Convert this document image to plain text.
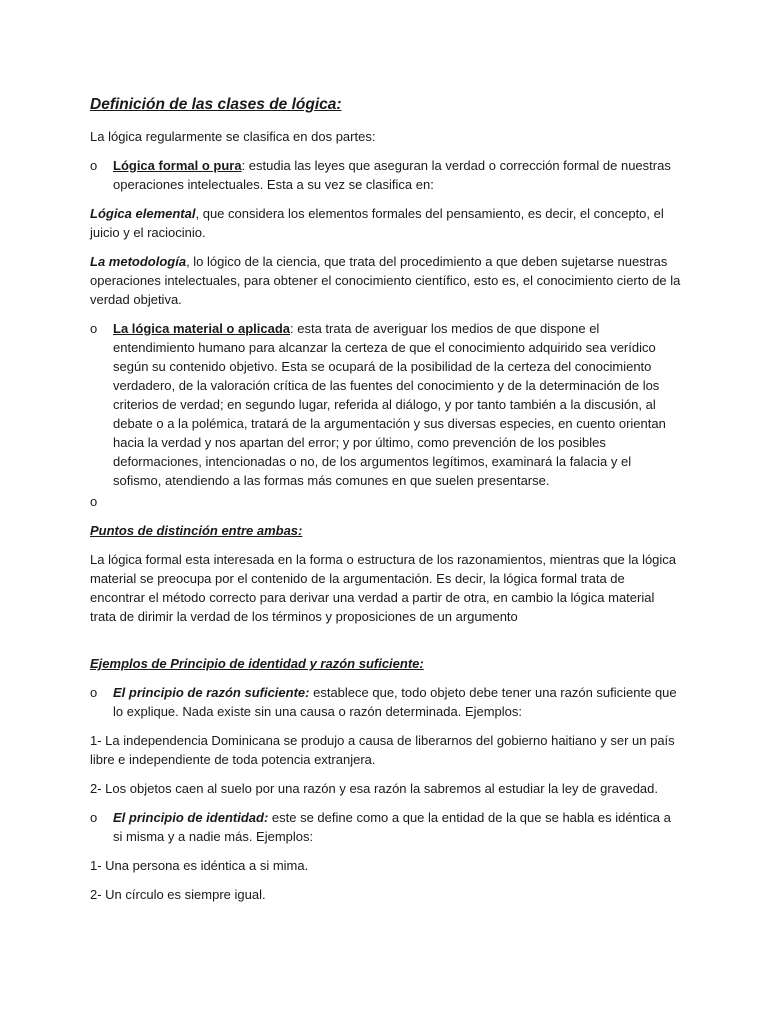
Definición de las clases de lógica:

La lógica regularmente se clasifica en dos partes:

o	Lógica formal o pura: estudia las leyes que aseguran la verdad o corrección formal de nuestras operaciones intelectuales. Esta a su vez se clasifica en:

Lógica elemental, que considera los elementos formales del pensamiento, es decir, el concepto, el juicio y el raciocinio.

La metodología, lo lógico de la ciencia, que trata del procedimiento a que deben sujetarse nuestras operaciones intelectuales, para obtener el conocimiento científico, esto es, el conocimiento cierto de la verdad objetiva.

o	La lógica material o aplicada: esta trata de averiguar los medios de que dispone el entendimiento humano para alcanzar la certeza de que el conocimiento adquirido sea verídico según su contenido objetivo. Esta se ocupará de la posibilidad de la certeza del conocimiento verdadero, de la valoración crítica de las fuentes del conocimiento y de la determinación de los criterios de verdad; en segundo lugar, referida al diálogo, y por tanto también a la discusión, al debate o a la polémica, tratará de la argumentación y sus diversas especies, en cuento orientan hacia la verdad y nos apartan del error; y por último, como prevención de los posibles deformaciones, intencionadas o no, de los argumentos legítimos, examinará la falacia y el sofismo, atendiendo a las formas más comunes en que suelen presentarse.
o
Puntos de distinción entre ambas:

La lógica formal esta interesada en la forma o estructura de los razonamientos, mientras que la lógica material se preocupa por el contenido de la argumentación. Es decir, la lógica formal trata de encontrar el método correcto para derivar una verdad a partir de otra, en cambio la lógica material trata de dirimir la verdad de los términos y proposiciones de un argumento

Ejemplos de Principio de identidad y razón suficiente:
o	El principio de razón suficiente: establece que, todo objeto debe tener una razón suficiente que lo explique. Nada existe sin una causa o razón determinada. Ejemplos:

1- La independencia Dominicana se produjo a causa de liberarnos del gobierno haitiano y ser un país libre e independiente de toda potencia extranjera.

2- Los objetos caen al suelo por una razón y esa razón la sabremos al estudiar la ley de gravedad.

o	El principio de identidad: este se define como a que la entidad de la que se habla es idéntica a si misma y a nadie más. Ejemplos:

1- Una persona es idéntica a si mima.

2- Un círculo es siempre igual.
